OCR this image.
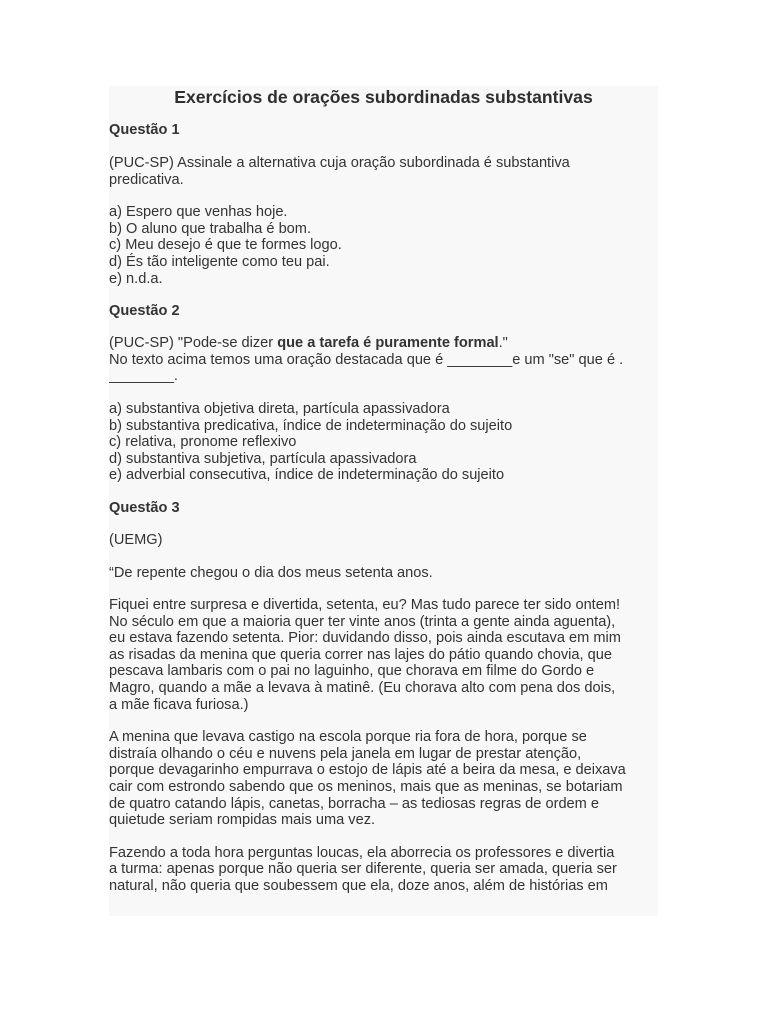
Exercícios de orações subordinadas substantivas
Questão 1
(PUC-SP) Assinale a alternativa cuja oração subordinada é substantiva
predicativa.
a) Espero que venhas hoje.
b) O aluno que trabalha é bom.
c) Meu desejo é que te formes logo.
d) És tão inteligente como teu pai.
e) n.d.a.
Questão 2
(PUC-SP) "Pode-se dizer que a tarefa é puramente formal."
No texto acima temos uma oração destacada que é ________e um "se" que é .
________.
a) substantiva objetiva direta, partícula apassivadora
b) substantiva predicativa, índice de indeterminação do sujeito
c) relativa, pronome reflexivo
d) substantiva subjetiva, partícula apassivadora
e) adverbial consecutiva, índice de indeterminação do sujeito
Questão 3
(UEMG)
“De repente chegou o dia dos meus setenta anos.
Fiquei entre surpresa e divertida, setenta, eu? Mas tudo parece ter sido ontem!
No século em que a maioria quer ter vinte anos (trinta a gente ainda aguenta),
eu estava fazendo setenta. Pior: duvidando disso, pois ainda escutava em mim
as risadas da menina que queria correr nas lajes do pátio quando chovia, que
pescava lambaris com o pai no laguinho, que chorava em filme do Gordo e
Magro, quando a mãe a levava à matinê. (Eu chorava alto com pena dos dois,
a mãe ficava furiosa.)
A menina que levava castigo na escola porque ria fora de hora, porque se
distraía olhando o céu e nuvens pela janela em lugar de prestar atenção,
porque devagarinho empurrava o estojo de lápis até a beira da mesa, e deixava
cair com estrondo sabendo que os meninos, mais que as meninas, se botariam
de quatro catando lápis, canetas, borracha – as tediosas regras de ordem e
quietude seriam rompidas mais uma vez.
Fazendo a toda hora perguntas loucas, ela aborrecia os professores e divertia
a turma: apenas porque não queria ser diferente, queria ser amada, queria ser
natural, não queria que soubessem que ela, doze anos, além de histórias em
